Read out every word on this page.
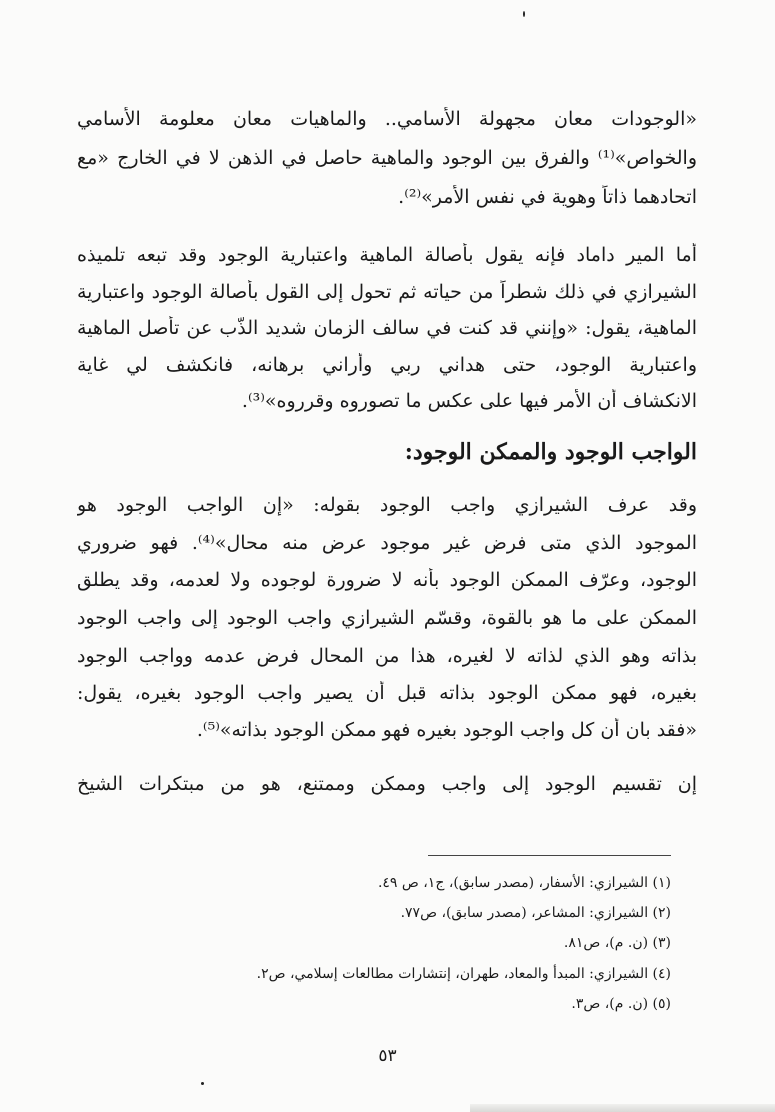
«الوجودات معان مجهولة الأسامي.. والماهيات معان معلومة الأسامي
والخواص»⁽¹⁾ والفرق بين الوجود والماهية حاصل في الذهن لا في الخارج «مع
اتحادهما ذاتاً وهوية في نفس الأمر»⁽²⁾.
أما المير داماد فإنه يقول بأصالة الماهية واعتبارية الوجود وقد تبعه تلميذه
الشيرازي في ذلك شطراً من حياته ثم تحول إلى القول بأصالة الوجود واعتبارية
الماهية، يقول: «وإنني قد كنت في سالف الزمان شديد الذّب عن تأصل الماهية
واعتبارية الوجود، حتى هداني ربي وأراني برهانه، فانكشف لي غاية
الانكشاف أن الأمر فيها على عكس ما تصوروه وقرروه»⁽³⁾.
الواجب الوجود والممكن الوجود:
وقد عرف الشيرازي واجب الوجود بقوله: «إن الواجب الوجود هو
الموجود الذي متى فرض غير موجود عرض منه محال»⁽⁴⁾. فهو ضروري
الوجود، وعرّف الممكن الوجود بأنه لا ضرورة لوجوده ولا لعدمه، وقد يطلق
الممكن على ما هو بالقوة، وقسّم الشيرازي واجب الوجود إلى واجب الوجود
بذاته وهو الذي لذاته لا لغيره، هذا من المحال فرض عدمه وواجب الوجود
بغيره، فهو ممكن الوجود بذاته قبل أن يصير واجب الوجود بغيره، يقول:
«فقد بان أن كل واجب الوجود بغيره فهو ممكن الوجود بذاته»⁽⁵⁾.
إن تقسيم الوجود إلى واجب وممكن وممتنع، هو من مبتكرات الشيخ
(١) الشيرازي: الأسفار، (مصدر سابق)، ج١، ص ٤٩.
(٢) الشيرازي: المشاعر، (مصدر سابق)، ص٧٧.
(٣) (ن. م)، ص٨١.
(٤) الشيرازي: المبدأ والمعاد، طهران، إنتشارات مطالعات إسلامي، ص٢.
(٥) (ن. م)، ص٣.
٥٣
